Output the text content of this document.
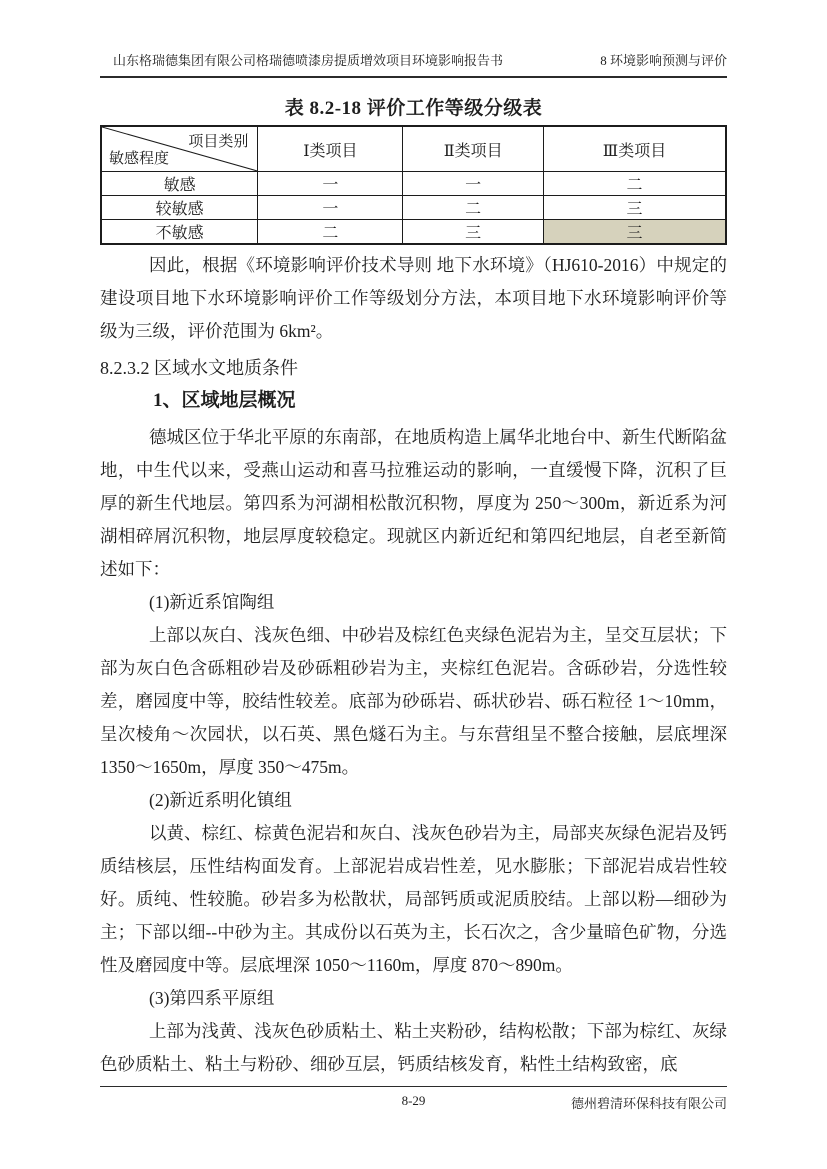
山东格瑞德集团有限公司格瑞德喷漆房提质增效项目环境影响报告书	8 环境影响预测与评价
表 8.2-18 评价工作等级分级表
项目类别
敏感程度	Ⅰ类项目	Ⅱ类项目	Ⅲ类项目
敏感	一	一	二
较敏感	一	二	三
不敏感	二	三	三

因此，根据《环境影响评价技术导则 地下水环境》（HJ610-2016）中规定的建设项目地下水环境影响评价工作等级划分方法，本项目地下水环境影响评价等级为三级，评价范围为 6km²。

8.2.3.2 区域水文地质条件
1、区域地层概况

德城区位于华北平原的东南部，在地质构造上属华北地台中、新生代断陷盆地，中生代以来，受燕山运动和喜马拉雅运动的影响，一直缓慢下降，沉积了巨厚的新生代地层。第四系为河湖相松散沉积物，厚度为 250～300m，新近系为河湖相碎屑沉积物，地层厚度较稳定。现就区内新近纪和第四纪地层，自老至新简述如下：

(1)新近系馆陶组

上部以灰白、浅灰色细、中砂岩及棕红色夹绿色泥岩为主，呈交互层状；下部为灰白色含砾粗砂岩及砂砾粗砂岩为主，夹棕红色泥岩。含砾砂岩，分选性较差，磨园度中等，胶结性较差。底部为砂砾岩、砾状砂岩、砾石粒径 1～10mm，呈次棱角～次园状，以石英、黑色燧石为主。与东营组呈不整合接触，层底埋深 1350～1650m，厚度 350～475m。

(2)新近系明化镇组

以黄、棕红、棕黄色泥岩和灰白、浅灰色砂岩为主，局部夹灰绿色泥岩及钙质结核层，压性结构面发育。上部泥岩成岩性差，见水膨胀；下部泥岩成岩性较好。质纯、性较脆。砂岩多为松散状，局部钙质或泥质胶结。上部以粉—细砂为主；下部以细--中砂为主。其成份以石英为主，长石次之，含少量暗色矿物，分选性及磨园度中等。层底埋深 1050～1160m，厚度 870～890m。

(3)第四系平原组

上部为浅黄、浅灰色砂质粘土、粘土夹粉砂，结构松散；下部为棕红、灰绿色砂质粘土、粘土与粉砂、细砂互层，钙质结核发育，粘性土结构致密，底

8-29	德州碧清环保科技有限公司
